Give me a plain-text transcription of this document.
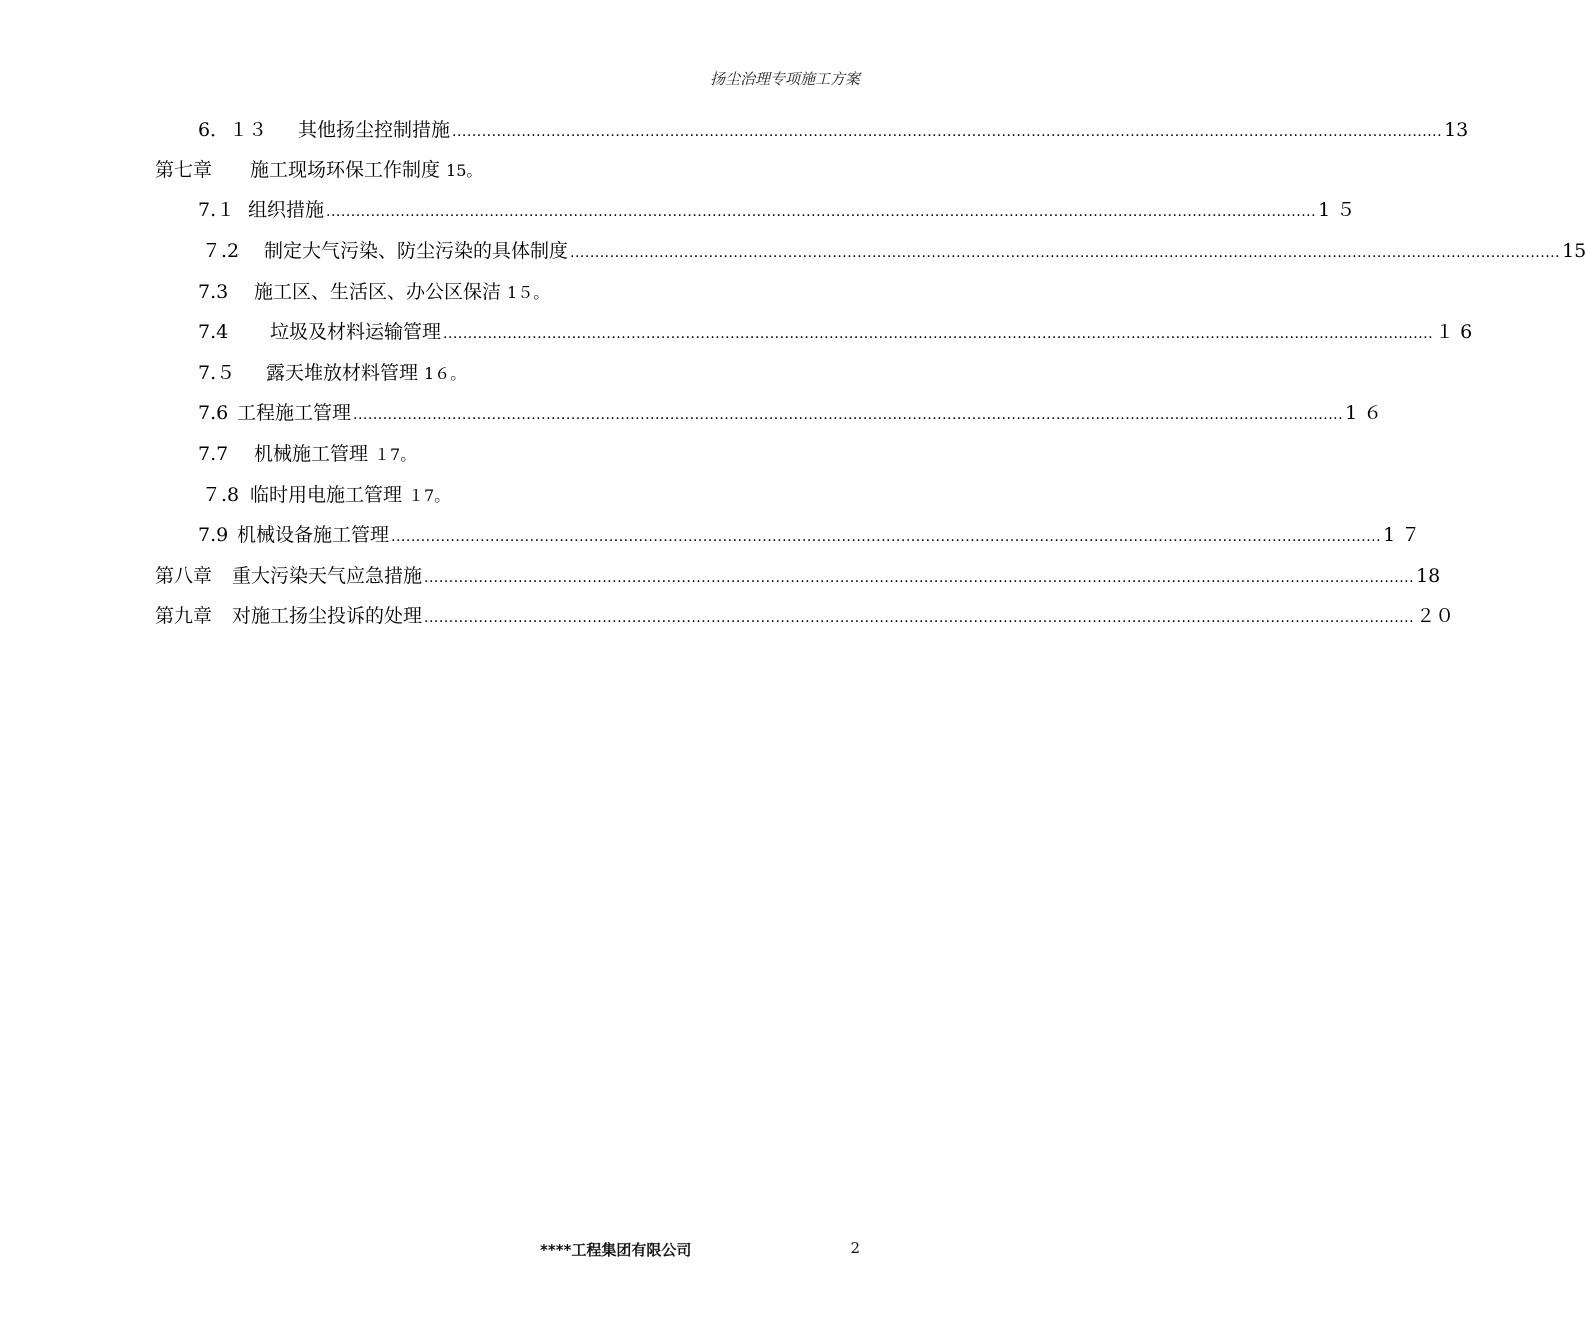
扬尘治理专项施工方案
6．１３	其他扬尘控制措施 ........................................................................................................................................................................................................ 13
第七章	施工现场环保工作制度 15。
7.１ 组织措施 ........................................................................................................................................................................................................ 1 ５
７.2	制定大气污染、防尘污染的具体制度 ........................................................................................................................................................................................................ 15
7.3	施工区、生活区、办公区保洁 1５。
7.4	垃圾及材料运输管理 ........................................................................................................................................................................................................ １ 6
7.５	露天堆放材料管理 1６。
7.6 工程施工管理 ........................................................................................................................................................................................................ 1 ６
7.7	机械施工管理 １7。
７.8 临时用电施工管理 １7。
7.9 机械设备施工管理 ........................................................................................................................................................................................................ 1 ７
第八章	重大污染天气应急措施 ........................................................................................................................................................................................................ 18
第九章	对施工扬尘投诉的处理 ........................................................................................................................................................................................................ ２０
****工程集团有限公司	2
